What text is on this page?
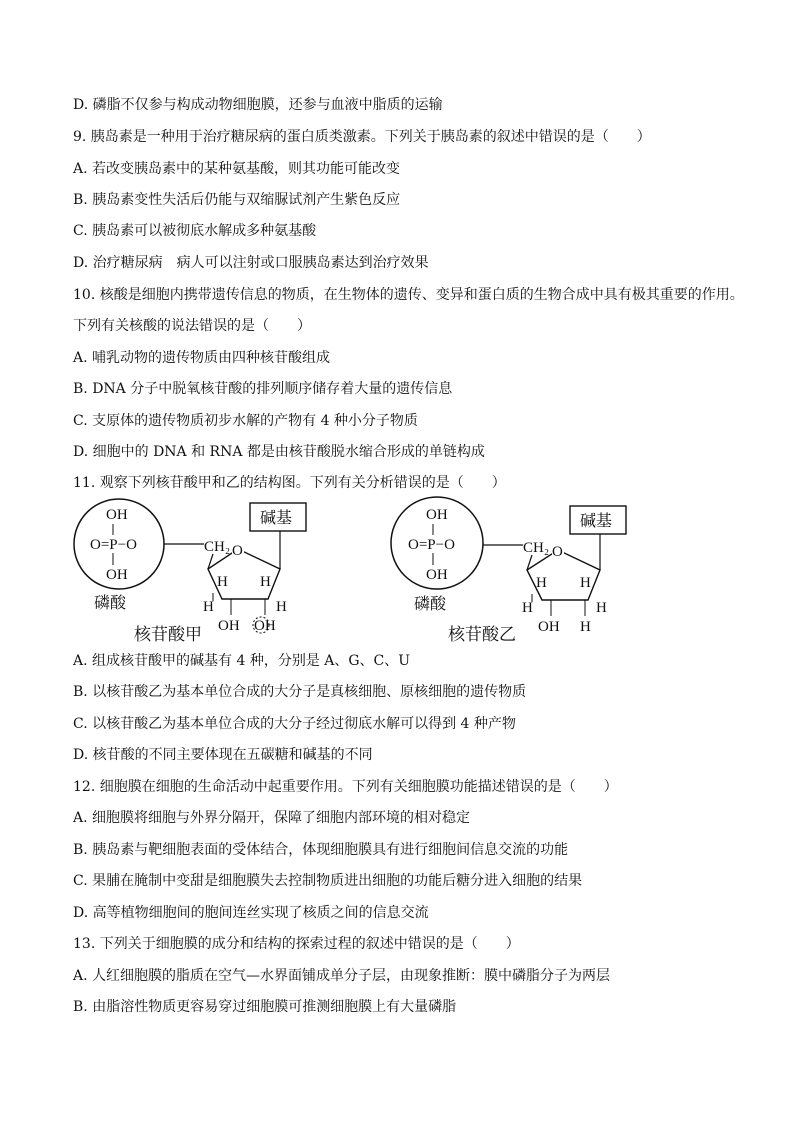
D. 磷脂不仅参与构成动物细胞膜，还参与血液中脂质的运输
9. 胰岛素是一种用于治疗糖尿病的蛋白质类激素。下列关于胰岛素的叙述中错误的是（　　）
A. 若改变胰岛素中的某种氨基酸，则其功能可能改变
B. 胰岛素变性失活后仍能与双缩脲试剂产生紫色反应
C. 胰岛素可以被彻底水解成多种氨基酸
D. 治疗糖尿病　病人可以注射或口服胰岛素达到治疗效果
10. 核酸是细胞内携带遗传信息的物质，在生物体的遗传、变异和蛋白质的生物合成中具有极其重要的作用。
下列有关核酸的说法错误的是（　　）
A. 哺乳动物的遗传物质由四种核苷酸组成
B. DNA 分子中脱氧核苷酸的排列顺序储存着大量的遗传信息
C. 支原体的遗传物质初步水解的产物有 4 种小分子物质
D. 细胞中的 DNA 和 RNA 都是由核苷酸脱水缩合形成的单链构成
11. 观察下列核苷酸甲和乙的结构图。下列有关分析错误的是（　　）
OH
O=P−O
OH
磷酸
CH₂ O
碱基
H H
H	H
OH OH
核苷酸甲
OH
O=P−O
OH
磷酸
CH₂ O
碱基
H H
H	H
OH H
核苷酸乙
A. 组成核苷酸甲的碱基有 4 种，分别是 A、G、C、U
B. 以核苷酸乙为基本单位合成的大分子是真核细胞、原核细胞的遗传物质
C. 以核苷酸乙为基本单位合成的大分子经过彻底水解可以得到 4 种产物
D. 核苷酸的不同主要体现在五碳糖和碱基的不同
12. 细胞膜在细胞的生命活动中起重要作用。下列有关细胞膜功能描述错误的是（　　）
A. 细胞膜将细胞与外界分隔开，保障了细胞内部环境的相对稳定
B. 胰岛素与靶细胞表面的受体结合，体现细胞膜具有进行细胞间信息交流的功能
C. 果脯在腌制中变甜是细胞膜失去控制物质进出细胞的功能后糖分进入细胞的结果
D. 高等植物细胞间的胞间连丝实现了核质之间的信息交流
13. 下列关于细胞膜的成分和结构的探索过程的叙述中错误的是（　　）
A. 人红细胞膜的脂质在空气—水界面铺成单分子层，由现象推断：膜中磷脂分子为两层
B. 由脂溶性物质更容易穿过细胞膜可推测细胞膜上有大量磷脂
